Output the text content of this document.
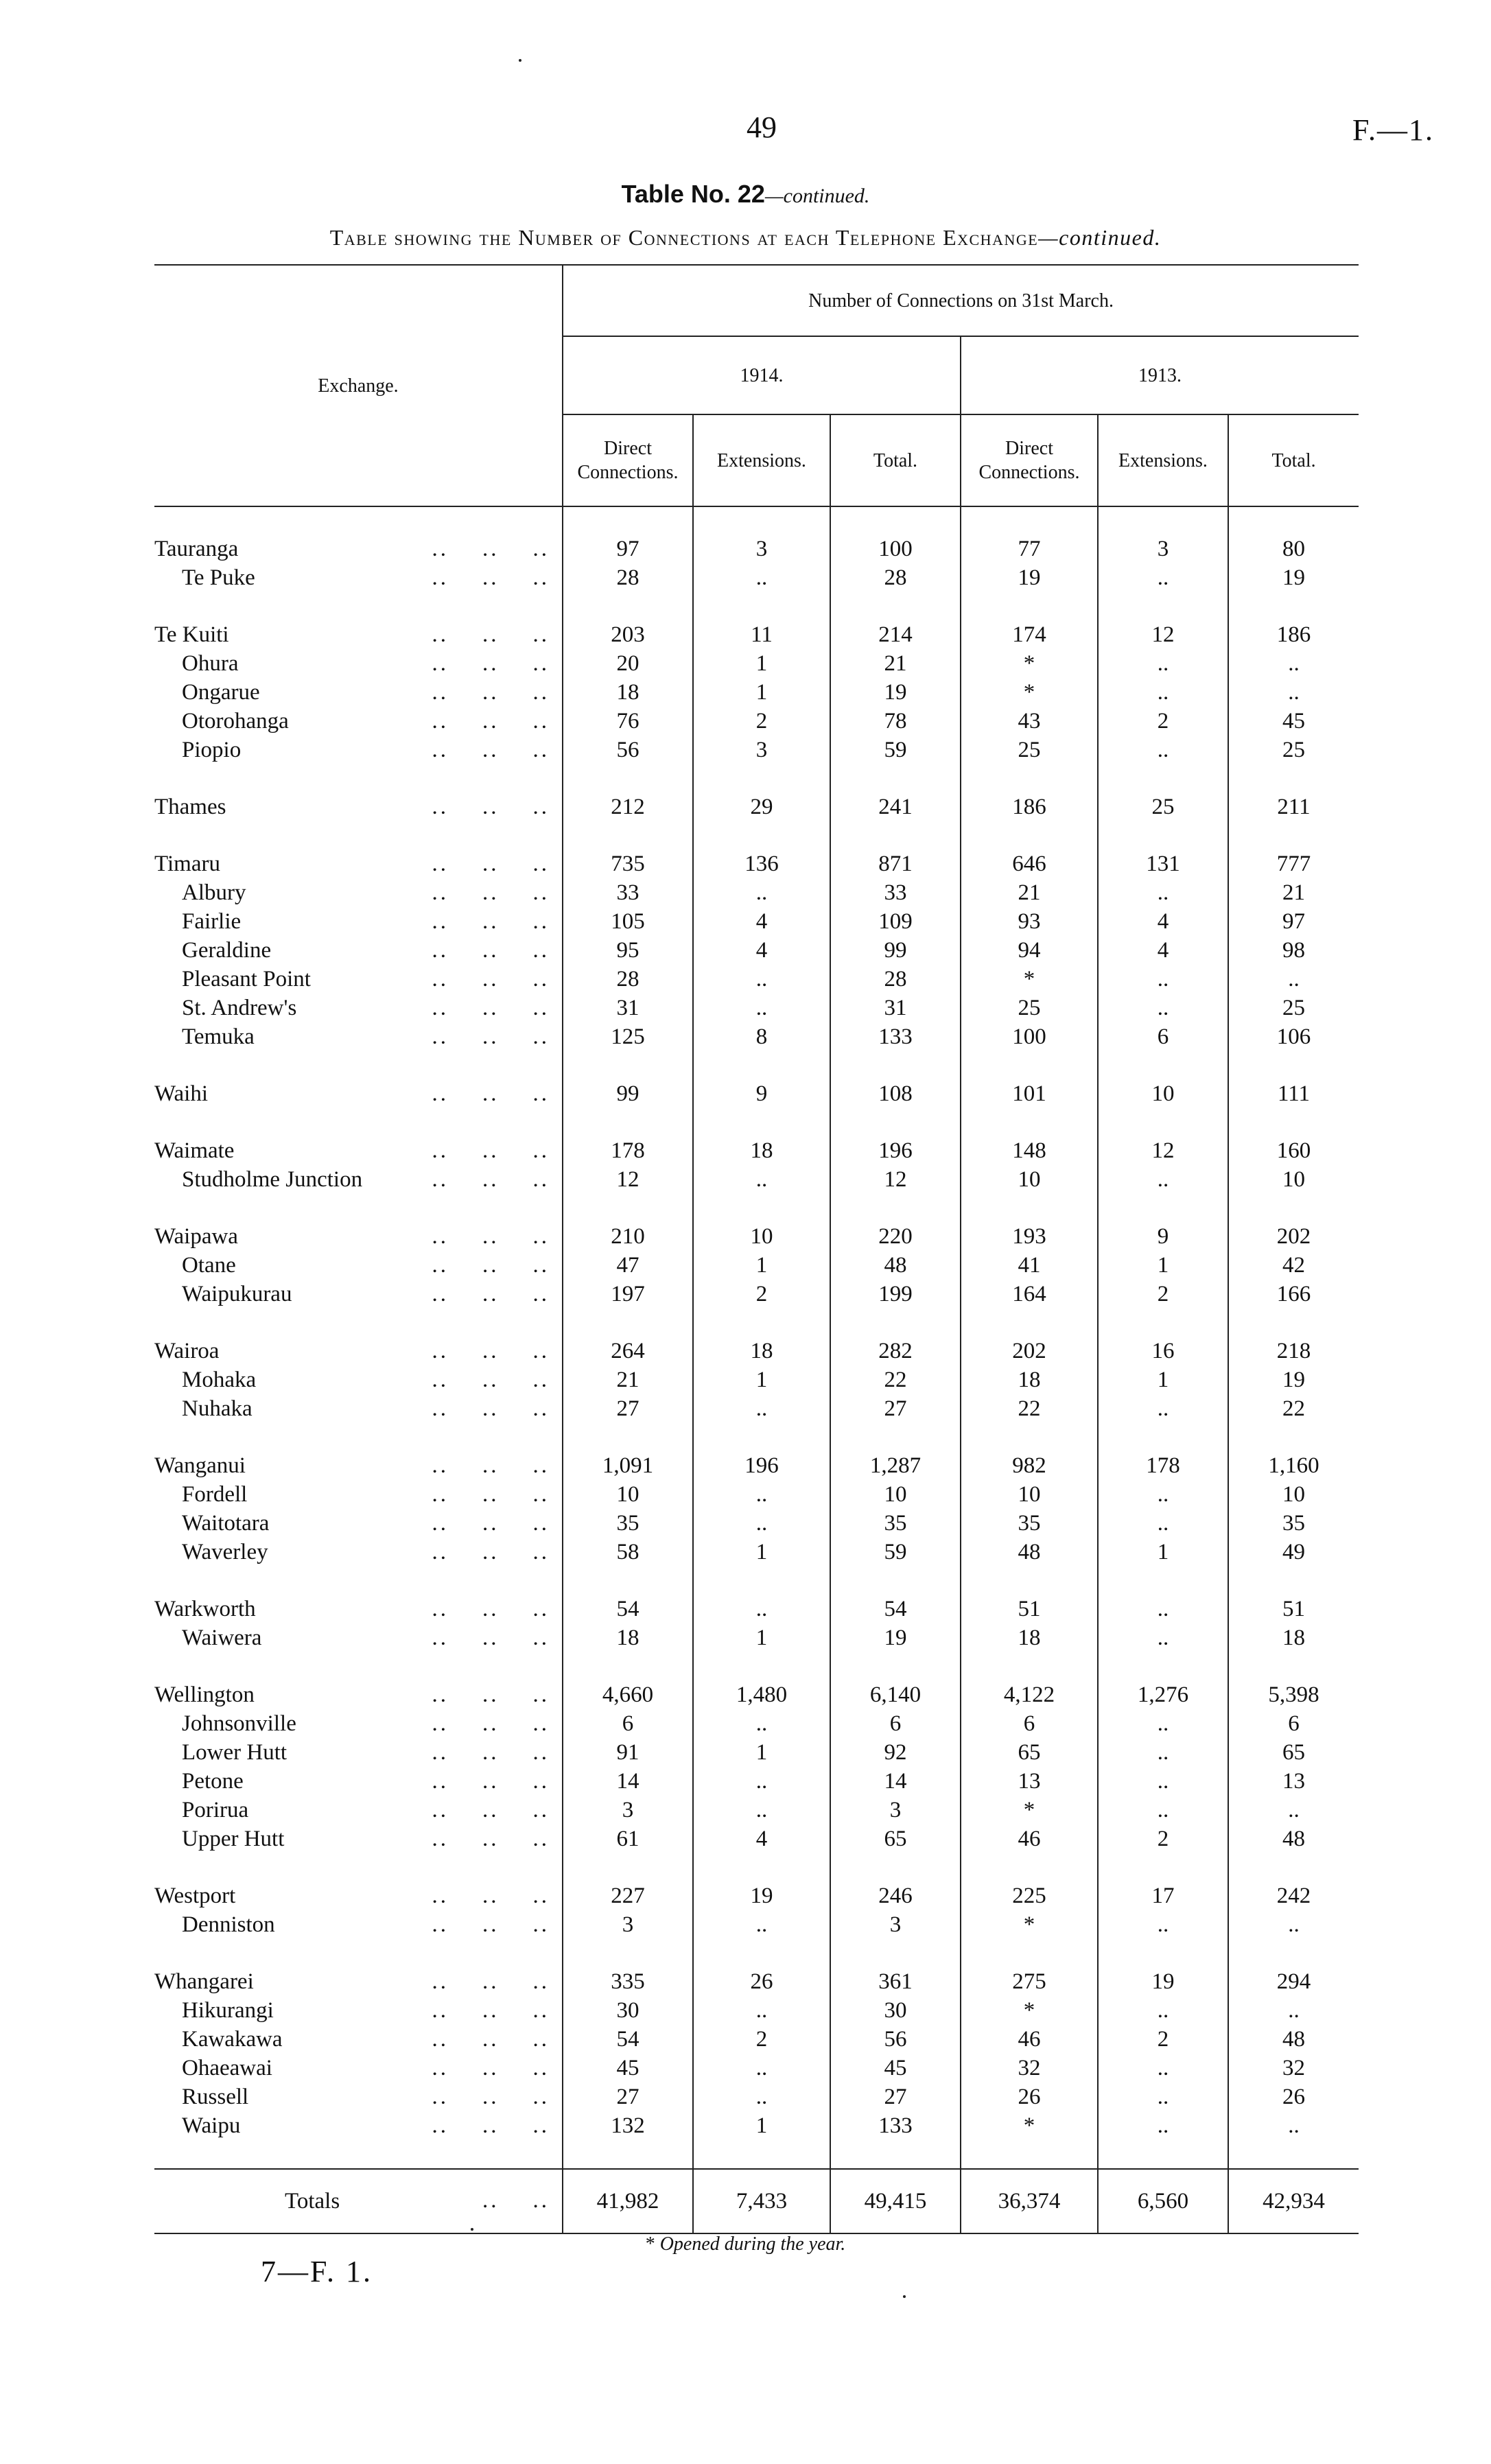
49	F.—1.
Table No. 22—continued.
Table showing the Number of Connections at each Telephone Exchange—continued.
Exchange.	Number of Connections on 31st March.					
	1914.			1913.		
	Direct Connections.	Extensions.	Total.	Direct Connections.	Extensions.	Total.

Tauranga ..    ..    ..	97	3	100	77	3	80
Te Puke ..    ..    ..	28	..	28	19	..	19

Te Kuiti ..    ..    ..	203	11	214	174	12	186
Ohura ..    ..    ..	20	1	21	*	..	..
Ongarue ..    ..    ..	18	1	19	*	..	..
Otorohanga ..    ..    ..	76	2	78	43	2	45
Piopio ..    ..    ..	56	3	59	25	..	25

Thames ..    ..    ..	212	29	241	186	25	211

Timaru ..    ..    ..	735	136	871	646	131	777
Albury ..    ..    ..	33	..	33	21	..	21
Fairlie ..    ..    ..	105	4	109	93	4	97
Geraldine ..    ..    ..	95	4	99	94	4	98
Pleasant Point ..    ..    ..	28	..	28	*	..	..
St. Andrew's ..    ..    ..	31	..	31	25	..	25
Temuka ..    ..    ..	125	8	133	100	6	106

Waihi ..    ..    ..	99	9	108	101	10	111

Waimate ..    ..    ..	178	18	196	148	12	160
Studholme Junction ..    ..    ..	12	..	12	10	..	10

Waipawa ..    ..    ..	210	10	220	193	9	202
Otane ..    ..    ..	47	1	48	41	1	42
Waipukurau ..    ..    ..	197	2	199	164	2	166

Wairoa ..    ..    ..	264	18	282	202	16	218
Mohaka ..    ..    ..	21	1	22	18	1	19
Nuhaka ..    ..    ..	27	..	27	22	..	22

Wanganui ..    ..    ..	1,091	196	1,287	982	178	1,160
Fordell ..    ..    ..	10	..	10	10	..	10
Waitotara ..    ..    ..	35	..	35	35	..	35
Waverley ..    ..    ..	58	1	59	48	1	49

Warkworth ..    ..    ..	54	..	54	51	..	51
Waiwera ..    ..    ..	18	1	19	18	..	18

Wellington ..    ..    ..	4,660	1,480	6,140	4,122	1,276	5,398
Johnsonville ..    ..    ..	6	..	6	6	..	6
Lower Hutt ..    ..    ..	91	1	92	65	..	65
Petone ..    ..    ..	14	..	14	13	..	13
Porirua ..    ..    ..	3	..	3	*	..	..
Upper Hutt ..    ..    ..	61	4	65	46	2	48

Westport ..    ..    ..	227	19	246	225	17	242
Denniston ..    ..    ..	3	..	3	*	..	..

Whangarei ..    ..    ..	335	26	361	275	19	294
Hikurangi ..    ..    ..	30	..	30	*	..	..
Kawakawa ..    ..    ..	54	2	56	46	2	48
Ohaeawai ..    ..    ..	45	..	45	32	..	32
Russell ..    ..    ..	27	..	27	26	..	26
Waipu ..    ..    ..	132	1	133	*	..	..

Totals ..    ..	41,982	7,433	49,415	36,374	6,560	42,934
* Opened during the year.
7—F. 1.
